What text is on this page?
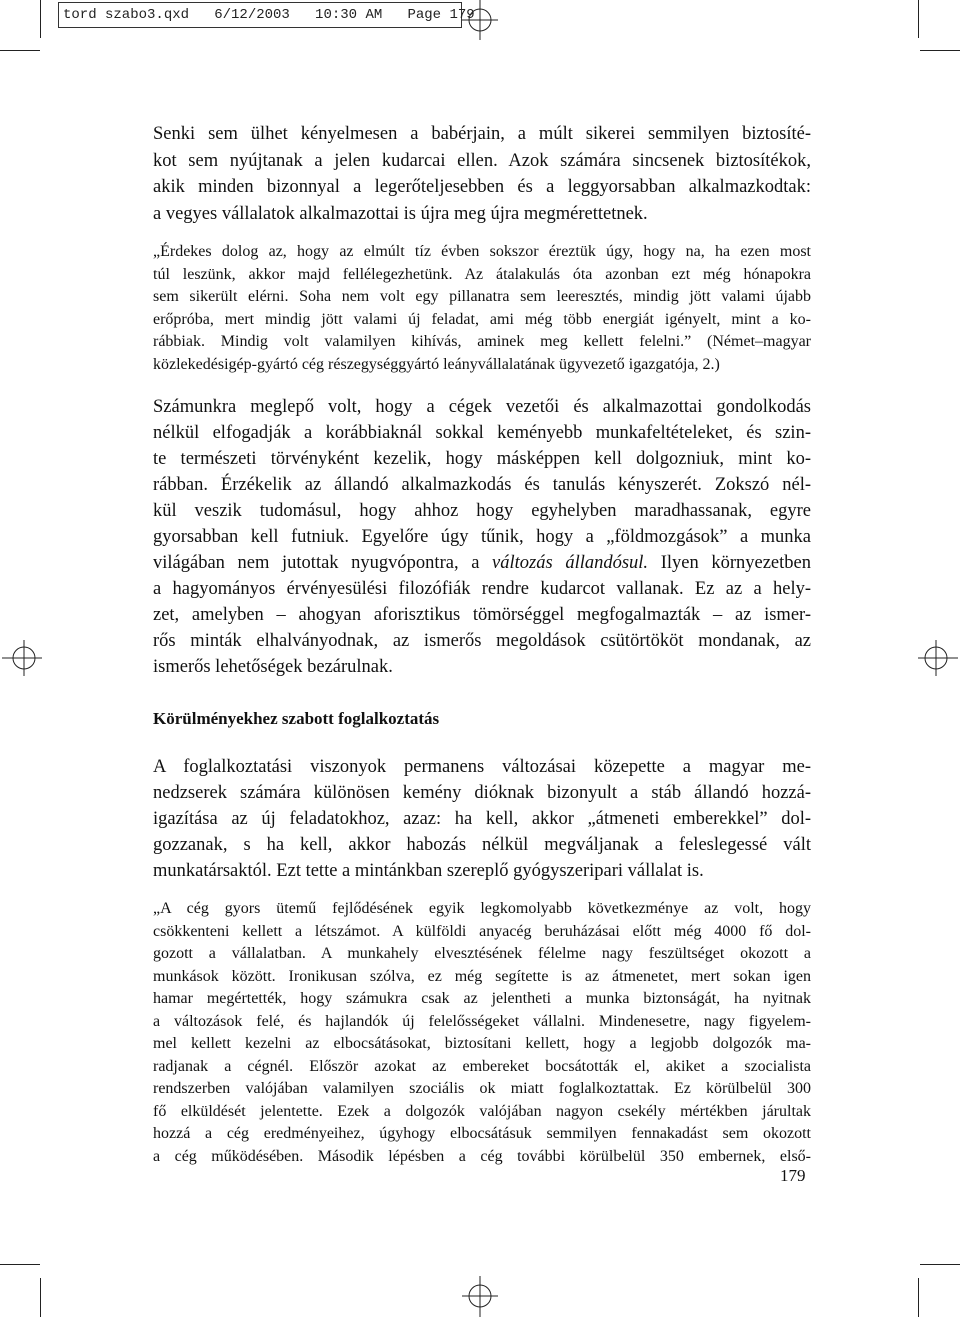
tord szabo3.qxd   6/12/2003   10:30 AM   Page 179
Senki sem ülhet kényelmesen a babérjain, a múlt sikerei semmilyen biztosíté-
kot sem nyújtanak a jelen kudarcai ellen. Azok számára sincsenek biztosítékok,
akik minden bizonnyal a legerőteljesebben és a leggyorsabban alkalmazkodtak:
a vegyes vállalatok alkalmazottai is újra meg újra megmérettetnek.
„Érdekes dolog az, hogy az elmúlt tíz évben sokszor éreztük úgy, hogy na, ha ezen most
túl leszünk, akkor majd fellélegezhetünk. Az átalakulás óta azonban ezt még hónapokra
sem sikerült elérni. Soha nem volt egy pillanatra sem leeresztés, mindig jött valami újabb
erőpróba, mert mindig jött valami új feladat, ami még több energiát igényelt, mint a ko-
rábbiak. Mindig volt valamilyen kihívás, aminek meg kellett felelni.” (Német–magyar
közlekedésigép-gyártó cég részegységgyártó leányvállalatának ügyvezető igazgatója, 2.)
Számunkra meglepő volt, hogy a cégek vezetői és alkalmazottai gondolkodás
nélkül elfogadják a korábbiaknál sokkal keményebb munkafeltételeket, és szin-
te természeti törvényként kezelik, hogy másképpen kell dolgozniuk, mint ko-
rábban. Érzékelik az állandó alkalmazkodás és tanulás kényszerét. Zokszó nél-
kül veszik tudomásul, hogy ahhoz hogy egyhelyben maradhassanak, egyre
gyorsabban kell futniuk. Egyelőre úgy tűnik, hogy a „földmozgások” a munka
világában nem jutottak nyugvópontra, a változás állandósul. Ilyen környezetben
a hagyományos érvényesülési filozófiák rendre kudarcot vallanak. Ez az a hely-
zet, amelyben – ahogyan aforisztikus tömörséggel megfogalmazták – az ismer-
rős minták elhalványodnak, az ismerős megoldások csütörtököt mondanak, az
ismerős lehetőségek bezárulnak.
Körülményekhez szabott foglalkoztatás
A foglalkoztatási viszonyok permanens változásai közepette a magyar me-
nedzserek számára különösen kemény dióknak bizonyult a stáb állandó hozzá-
igazítása az új feladatokhoz, azaz: ha kell, akkor „átmeneti emberekkel” dol-
gozzanak, s ha kell, akkor habozás nélkül megváljanak a feleslegessé vált
munkatársaktól. Ezt tette a mintánkban szereplő gyógyszeripari vállalat is.
„A cég gyors ütemű fejlődésének egyik legkomolyabb következménye az volt, hogy
csökkenteni kellett a létszámot. A külföldi anyacég beruházásai előtt még 4000 fő dol-
gozott a vállalatban. A munkahely elvesztésének félelme nagy feszültséget okozott a
munkások között. Ironikusan szólva, ez még segítette is az átmenetet, mert sokan igen
hamar megértették, hogy számukra csak az jelentheti a munka biztonságát, ha nyitnak
a változások felé, és hajlandók új felelősségeket vállalni. Mindenesetre, nagy figyelem-
mel kellett kezelni az elbocsátásokat, biztosítani kellett, hogy a legjobb dolgozók ma-
radjanak a cégnél. Először azokat az embereket bocsátották el, akiket a szocialista
rendszerben valójában valamilyen szociális ok miatt foglalkoztattak. Ez körülbelül 300
fő elküldését jelentette. Ezek a dolgozók valójában nagyon csekély mértékben járultak
hozzá a cég eredményeihez, úgyhogy elbocsátásuk semmilyen fennakadást sem okozott
a cég működésében. Második lépésben a cég további körülbelül 350 embernek, első-
179
